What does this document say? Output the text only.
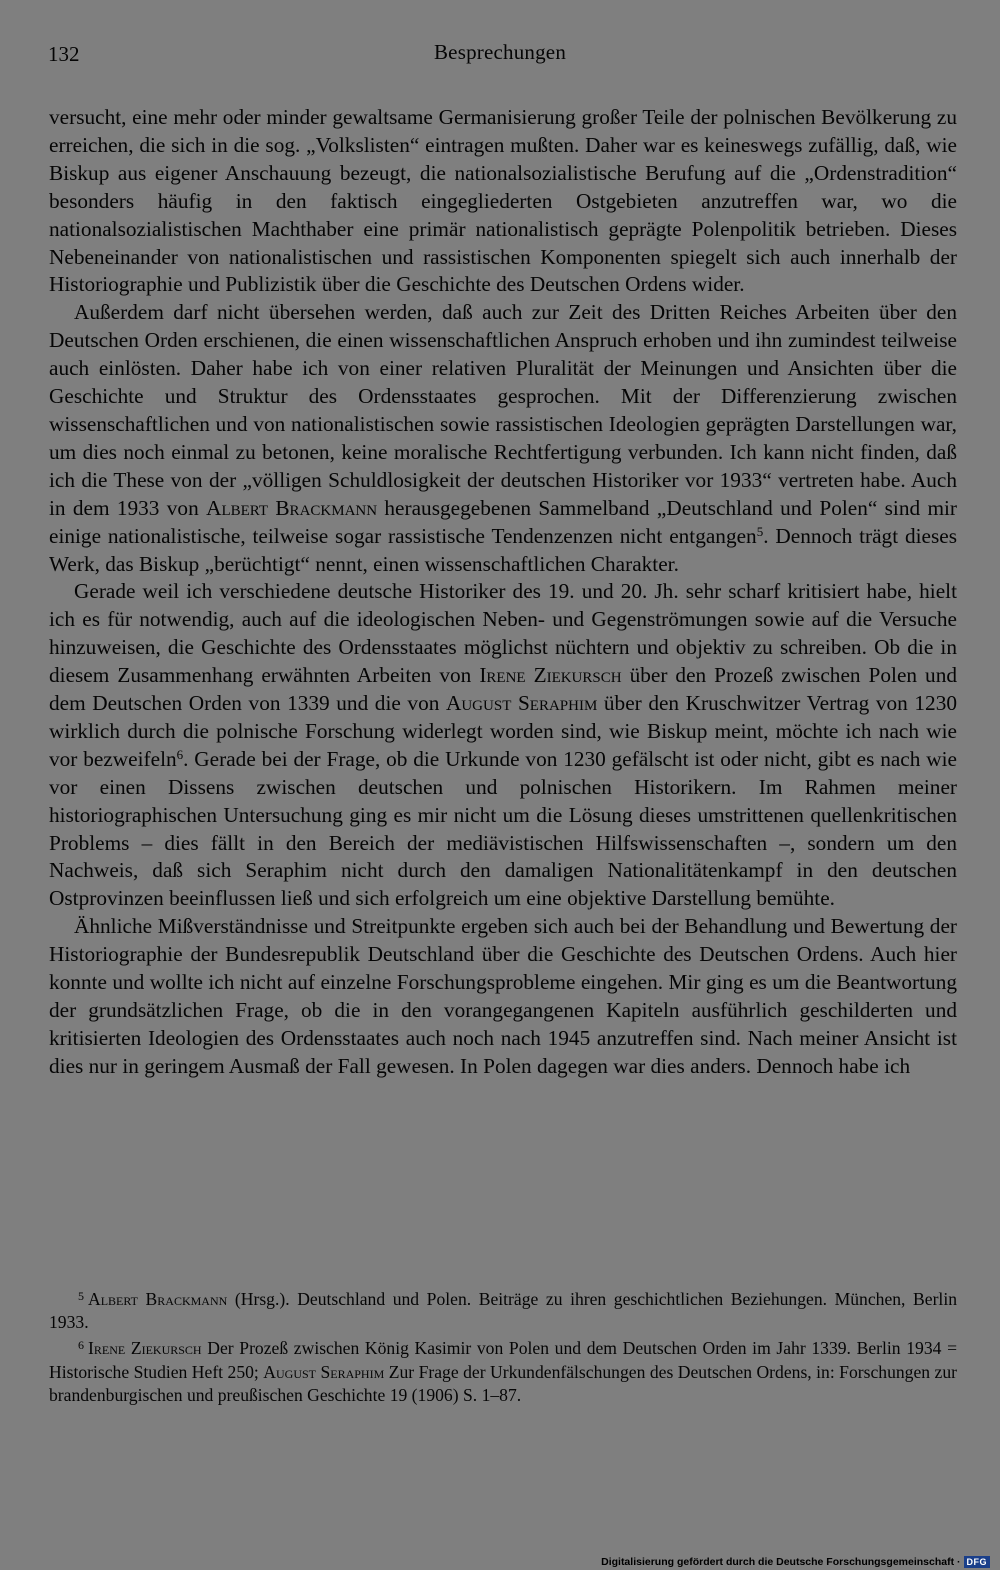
132	Besprechungen

versucht, eine mehr oder minder gewaltsame Germanisierung großer Teile der polnischen Bevölkerung zu erreichen, die sich in die sog. „Volkslisten“ eintragen mußten. Daher war es keineswegs zufällig, daß, wie Biskup aus eigener Anschauung bezeugt, die nationalsozialistische Berufung auf die „Ordenstradition“ besonders häufig in den faktisch eingegliederten Ostgebieten anzutreffen war, wo die nationalsozialistischen Machthaber eine primär nationalistisch geprägte Polenpolitik betrieben. Dieses Nebeneinander von nationalistischen und rassistischen Komponenten spiegelt sich auch innerhalb der Historiographie und Publizistik über die Geschichte des Deutschen Ordens wider.

Außerdem darf nicht übersehen werden, daß auch zur Zeit des Dritten Reiches Arbeiten über den Deutschen Orden erschienen, die einen wissenschaftlichen Anspruch erhoben und ihn zumindest teilweise auch einlösten. Daher habe ich von einer relativen Pluralität der Meinungen und Ansichten über die Geschichte und Struktur des Ordensstaates gesprochen. Mit der Differenzierung zwischen wissenschaftlichen und von nationalistischen sowie rassistischen Ideologien geprägten Darstellungen war, um dies noch einmal zu betonen, keine moralische Rechtfertigung verbunden. Ich kann nicht finden, daß ich die These von der „völligen Schuldlosigkeit der deutschen Historiker vor 1933“ vertreten habe. Auch in dem 1933 von Albert Brackmann herausgegebenen Sammelband „Deutschland und Polen“ sind mir einige nationalistische, teilweise sogar rassistische Tendenzenzen nicht entgangen$^5$. Dennoch trägt dieses Werk, das Biskup „berüchtigt“ nennt, einen wissenschaftlichen Charakter.

Gerade weil ich verschiedene deutsche Historiker des 19. und 20. Jh. sehr scharf kritisiert habe, hielt ich es für notwendig, auch auf die ideologischen Neben- und Gegenströmungen sowie auf die Versuche hinzuweisen, die Geschichte des Ordensstaates möglichst nüchtern und objektiv zu schreiben. Ob die in diesem Zusammenhang erwähnten Arbeiten von Irene Ziekursch über den Prozeß zwischen Polen und dem Deutschen Orden von 1339 und die von August Seraphim über den Kruschwitzer Vertrag von 1230 wirklich durch die polnische Forschung widerlegt worden sind, wie Biskup meint, möchte ich nach wie vor bezweifeln$^6$. Gerade bei der Frage, ob die Urkunde von 1230 gefälscht ist oder nicht, gibt es nach wie vor einen Dissens zwischen deutschen und polnischen Historikern. Im Rahmen meiner historiographischen Untersuchung ging es mir nicht um die Lösung dieses umstrittenen quellenkritischen Problems – dies fällt in den Bereich der mediävistischen Hilfswissenschaften –, sondern um den Nachweis, daß sich Seraphim nicht durch den damaligen Nationalitätenkampf in den deutschen Ostprovinzen beeinflussen ließ und sich erfolgreich um eine objektive Darstellung bemühte.

Ähnliche Mißverständnisse und Streitpunkte ergeben sich auch bei der Behandlung und Bewertung der Historiographie der Bundesrepublik Deutschland über die Geschichte des Deutschen Ordens. Auch hier konnte und wollte ich nicht auf einzelne Forschungsprobleme eingehen. Mir ging es um die Beantwortung der grundsätzlichen Frage, ob die in den vorangegangenen Kapiteln ausführlich geschilderten und kritisierten Ideologien des Ordensstaates auch noch nach 1945 anzutreffen sind. Nach meiner Ansicht ist dies nur in geringem Ausmaß der Fall gewesen. In Polen dagegen war dies anders. Dennoch habe ich

$^5$ Albert Brackmann (Hrsg.). Deutschland und Polen. Beiträge zu ihren geschichtlichen Beziehungen. München, Berlin 1933.

$^6$ Irene Ziekursch Der Prozeß zwischen König Kasimir von Polen und dem Deutschen Orden im Jahr 1339. Berlin 1934 = Historische Studien Heft 250; August Seraphim Zur Frage der Urkundenfälschungen des Deutschen Ordens, in: Forschungen zur brandenburgischen und preußischen Geschichte 19 (1906) S. 1–87.

Digitalisierung gefördert durch die Deutsche Forschungsgemeinschaft · DFG
